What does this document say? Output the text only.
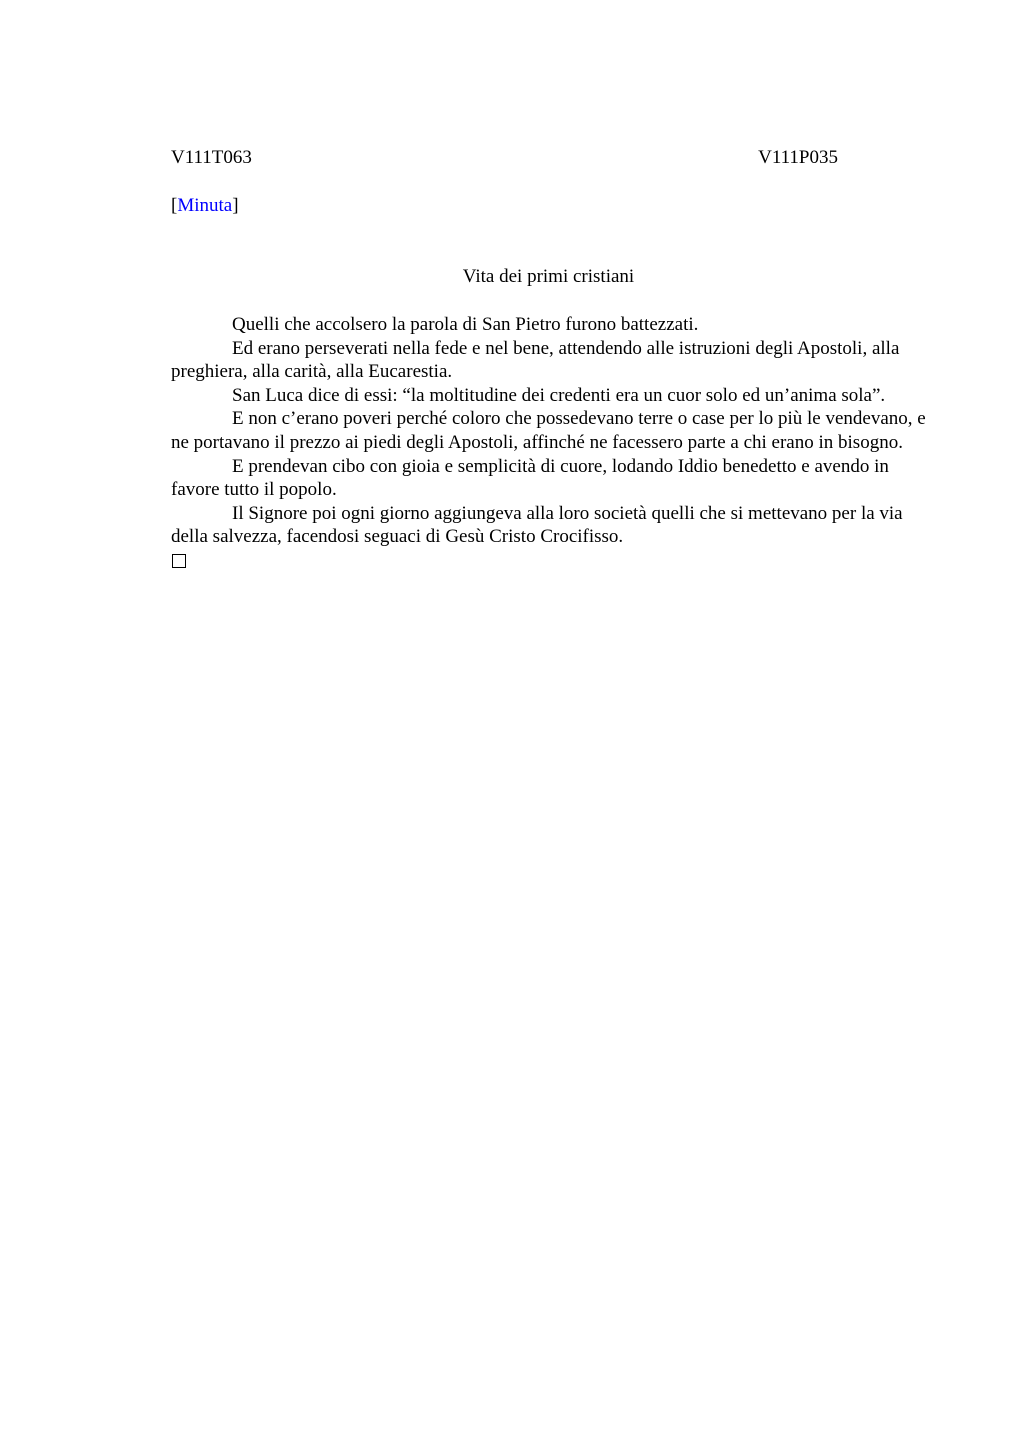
V111T063	V111P035
[Minuta]
Vita dei primi cristiani

Quelli che accolsero la parola di San Pietro furono battezzati.

Ed erano perseverati nella fede e nel bene, attendendo alle istruzioni degli Apostoli, alla preghiera, alla carità, alla Eucarestia.

San Luca dice di essi: “la moltitudine dei credenti era un cuor solo ed un’anima sola”.

E non c’erano poveri perché coloro che possedevano terre o case per lo più le vendevano, e ne portavano il prezzo ai piedi degli Apostoli, affinché ne facessero parte a chi erano in bisogno.

E prendevan cibo con gioia e semplicità di cuore, lodando Iddio benedetto e avendo in favore tutto il popolo.

Il Signore poi ogni giorno aggiungeva alla loro società quelli che si mettevano per la via della salvezza, facendosi seguaci di Gesù Cristo Crocifisso.
